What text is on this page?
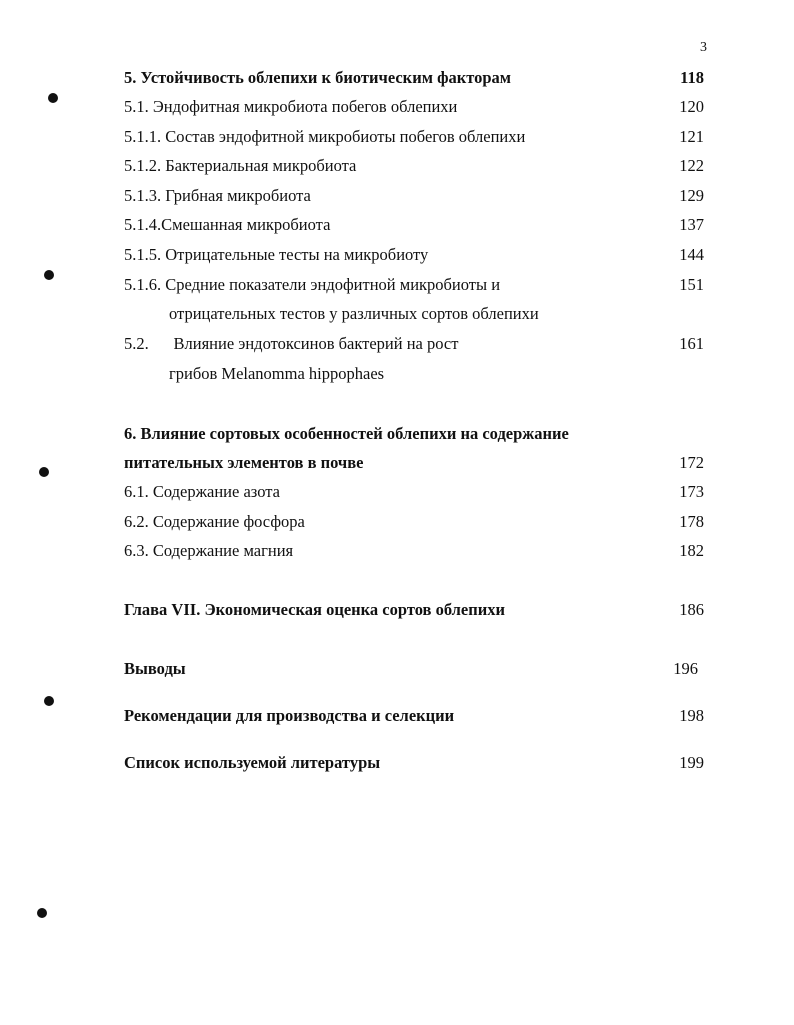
3
5. Устойчивость облепихи к биотическим факторам	118
5.1. Эндофитная микробиота побегов облепихи	120
5.1.1. Состав эндофитной микробиоты побегов облепихи	121
5.1.2. Бактериальная микробиота	122
5.1.3. Грибная микробиота	129
5.1.4.Смешанная микробиота	137
5.1.5. Отрицательные тесты на микробиоту	144
5.1.6. Средние показатели эндофитной микробиоты и	151
отрицательных тестов у различных сортов облепихи
5.2.      Влияние эндотоксинов бактерий на рост	161
грибов Melanomma hippophaes
6. Влияние сортовых особенностей облепихи на содержание
питательных элементов в почве	172
6.1. Содержание азота	173
6.2. Содержание фосфора	178
6.3. Содержание магния	182
Глава VII. Экономическая оценка сортов облепихи	186
Выводы	196
Рекомендации для производства и селекции	198
Список используемой литературы	199
